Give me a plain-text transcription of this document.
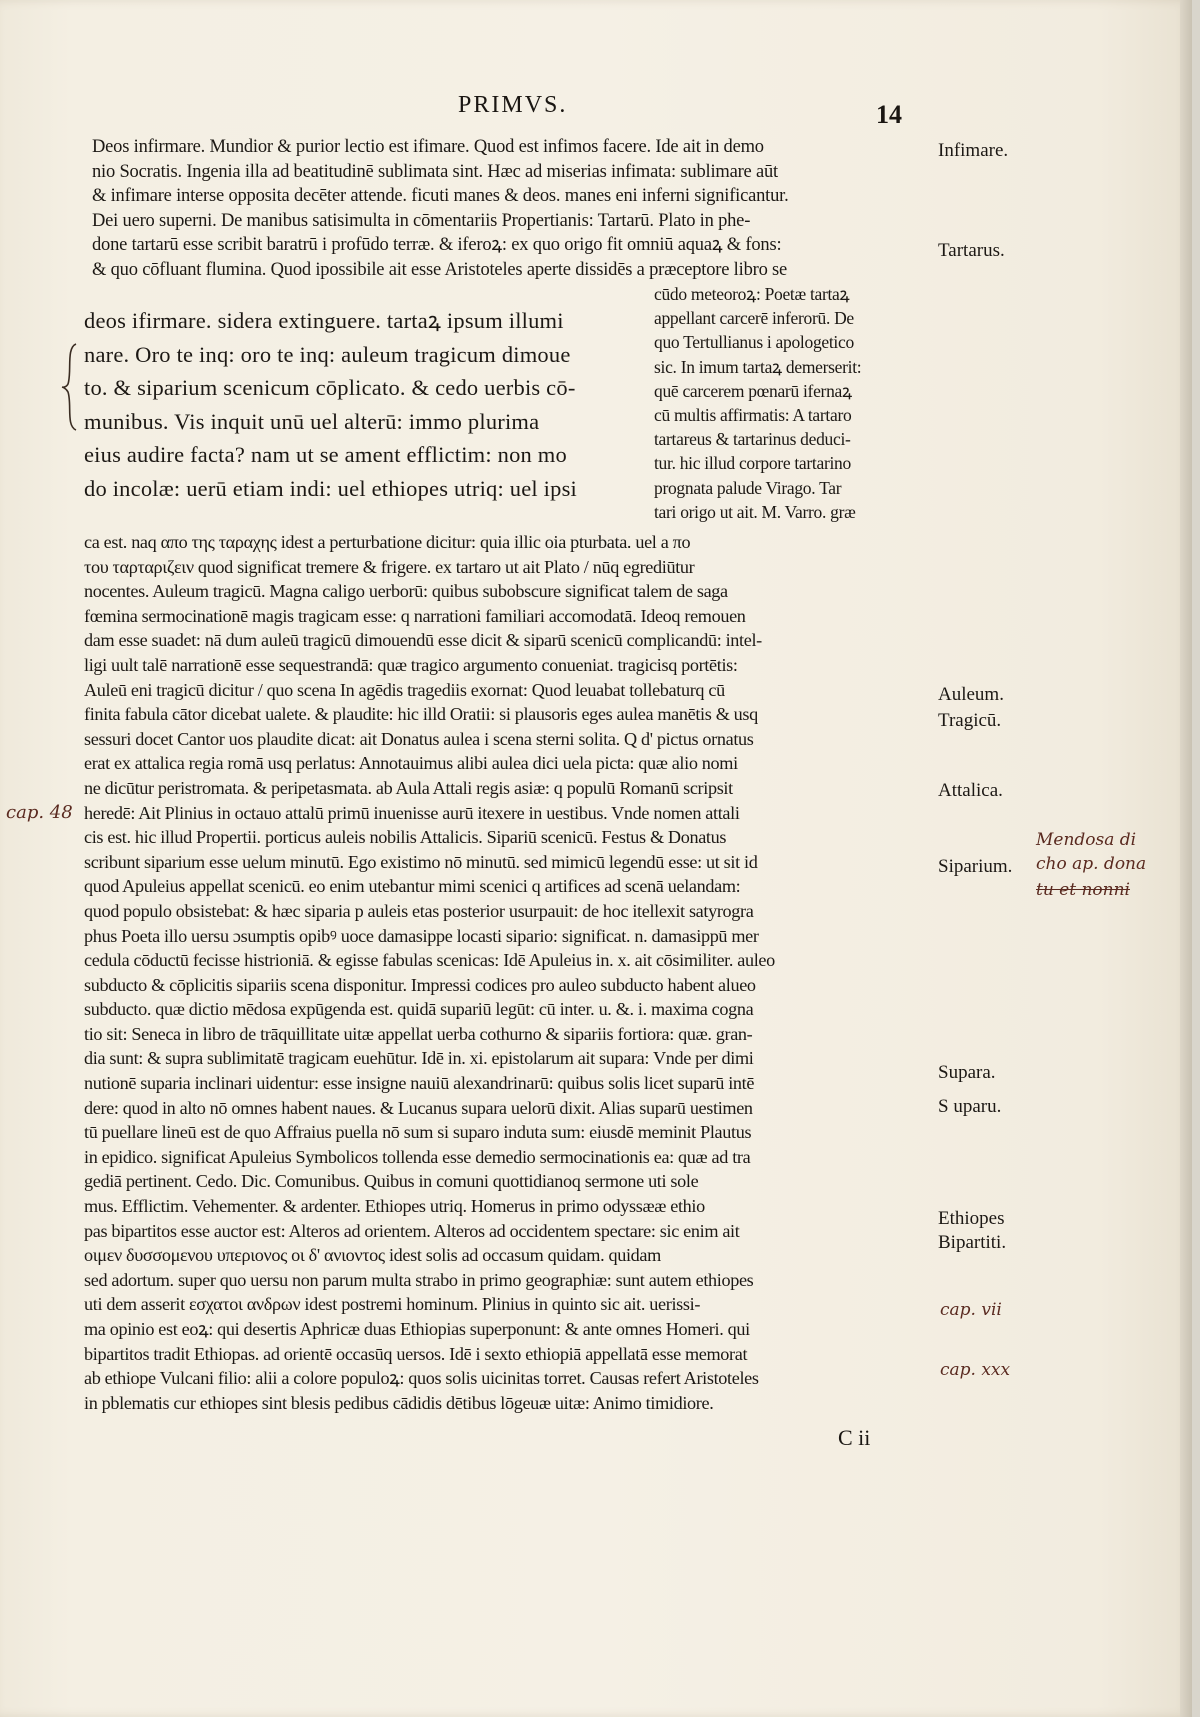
PRIMVS.	14
Deos infirmare. Mundior & purior lectio est ifimare. Quod est infimos facere. Ide ait in demo
nio Socratis. Ingenia illa ad beatitudinē sublimata sint. Hæc ad miserias infimata: sublimare aūt
& infimare interse opposita decēter attende. ficuti manes & deos. manes eni inferni significantur.
Dei uero superni. De manibus satisimulta in cōmentariis Propertianis: Tartarū. Plato in phe-
done tartarū esse scribit baratrū i profūdo terræ. & iferoꝝ: ex quo origo fit omniū aquaꝝ & fons:
& quo cōfluant flumina. Quod ipossibile ait esse Aristoteles aperte dissidēs a præceptore libro se
cūdo meteoroꝝ: Poetæ tartaꝝ
appellant carcerē inferorū. De
quo Tertullianus i apologetico
sic. In imum tartaꝝ demerserit:
quē carcerem pœnarū ifernaꝝ
cū multis affirmatis: A tartaro
tartareus & tartarinus deduci-
tur. hic illud corpore tartarino
prognata palude Virago. Tar
tari origo ut ait. M. Varro. græ
deos ifirmare. sidera extinguere. tartaꝝ ipsum illumi
nare. Oro te inq: oro te inq: auleum tragicum dimoue
to. & siparium scenicum cōplicato. & cedo uerbis cō-
munibus. Vis inquit unū uel alterū: immo plurima
eius audire facta? nam ut se ament efflictim: non mo
do incolæ: uerū etiam indi: uel ethiopes utriq: uel ipsi
ca est. naq απο της ταραχης idest a perturbatione dicitur: quia illic oia pturbata. uel a πο
του ταρταριζειν quod significat tremere & frigere. ex tartaro ut ait Plato / nūq egrediūtur
nocentes. Auleum tragicū. Magna caligo uerborū: quibus subobscure significat talem de saga
fœmina sermocinationē magis tragicam esse: q narrationi familiari accomodatā. Ideoq remouen
dam esse suadet: nā dum auleū tragicū dimouendū esse dicit & siparū scenicū complicandū: intel-
ligi uult talē narrationē esse sequestrandā: quæ tragico argumento conueniat. tragicisq portētis:
Auleū eni tragicū dicitur / quo scena In agēdis tragediis exornat: Quod leuabat tollebaturq cū
finita fabula cātor dicebat ualete. & plaudite: hic illd Oratii: si plausoris eges aulea manētis & usq
sessuri docet Cantor uos plaudite dicat: ait Donatus aulea i scena sterni solita. Q d' pictus ornatus
erat ex attalica regia romā usq perlatus: Annotauimus alibi aulea dici uela picta: quæ alio nomi
ne dicūtur peristromata. & peripetasmata. ab Aula Attali regis asiæ: q populū Romanū scripsit
heredē: Ait Plinius in octauo attalū primū inuenisse aurū itexere in uestibus. Vnde nomen attali
cis est. hic illud Propertii. porticus auleis nobilis Attalicis. Sipariū scenicū. Festus & Donatus
scribunt siparium esse uelum minutū. Ego existimo nō minutū. sed mimicū legendū esse: ut sit id
quod Apuleius appellat scenicū. eo enim utebantur mimi scenici q artifices ad scenā uelandam:
quod populo obsistebat: & hæc siparia p auleis etas posterior usurpauit: de hoc itellexit satyrogra
phus Poeta illo uersu ɔsumptis opibꝰ uoce damasippe locasti sipario: significat. n. damasippū mer
cedula cōductū fecisse histrioniā. & egisse fabulas scenicas: Idē Apuleius in. x. ait cōsimiliter. auleo
subducto & cōplicitis sipariis scena disponitur. Impressi codices pro auleo subducto habent alueo
subducto. quæ dictio mēdosa expūgenda est. quidā supariū legūt: cū inter. u. &. i. maxima cogna
tio sit: Seneca in libro de trāquillitate uitæ appellat uerba cothurno & sipariis fortiora: quæ. gran-
dia sunt: & supra sublimitatē tragicam euehūtur. Idē in. xi. epistolarum ait supara: Vnde per dimi
nutionē suparia inclinari uidentur: esse insigne nauiū alexandrinarū: quibus solis licet suparū intē
dere: quod in alto nō omnes habent naues. & Lucanus supara uelorū dixit. Alias suparū uestimen
tū puellare lineū est de quo Affraius puella nō sum si suparo induta sum: eiusdē meminit Plautus
in epidico. significat Apuleius Symbolicos tollenda esse demedio sermocinationis ea: quæ ad tra
gediā pertinent. Cedo. Dic. Comunibus. Quibus in comuni quottidianoq sermone uti sole
mus. Efflictim. Vehementer. & ardenter. Ethiopes utriq. Homerus in primo odyssææ ethio
pas bipartitos esse auctor est: Alteros ad orientem. Alteros ad occidentem spectare: sic enim ait
οιμεν δυσσομενου υπεριονος οι δ' ανιοντος idest solis ad occasum quidam. quidam
sed adortum. super quo uersu non parum multa strabo in primo geographiæ: sunt autem ethiopes
uti dem asserit εσχατοι ανδρων idest postremi hominum. Plinius in quinto sic ait. uerissi-
ma opinio est eoꝝ: qui desertis Aphricæ duas Ethiopias superponunt: & ante omnes Homeri. qui
bipartitos tradit Ethiopas. ad orientē occasūq uersos. Idē i sexto ethiopiā appellatā esse memorat
ab ethiope Vulcani filio: alii a colore populoꝝ: quos solis uicinitas torret. Causas refert Aristoteles
in pblematis cur ethiopes sint blesis pedibus cādidis dētibus lōgeuæ uitæ: Animo timidiore.
C ii
Infimare.
Tartarus.
Auleum.
Tragicū.
Attalica.
Siparium.
Supara.
S uparu.
Ethiopes
Bipartiti.
cap. 48
Mendosa di
cho ap. dona
tu et nonni
cap. vii
cap. xxx
